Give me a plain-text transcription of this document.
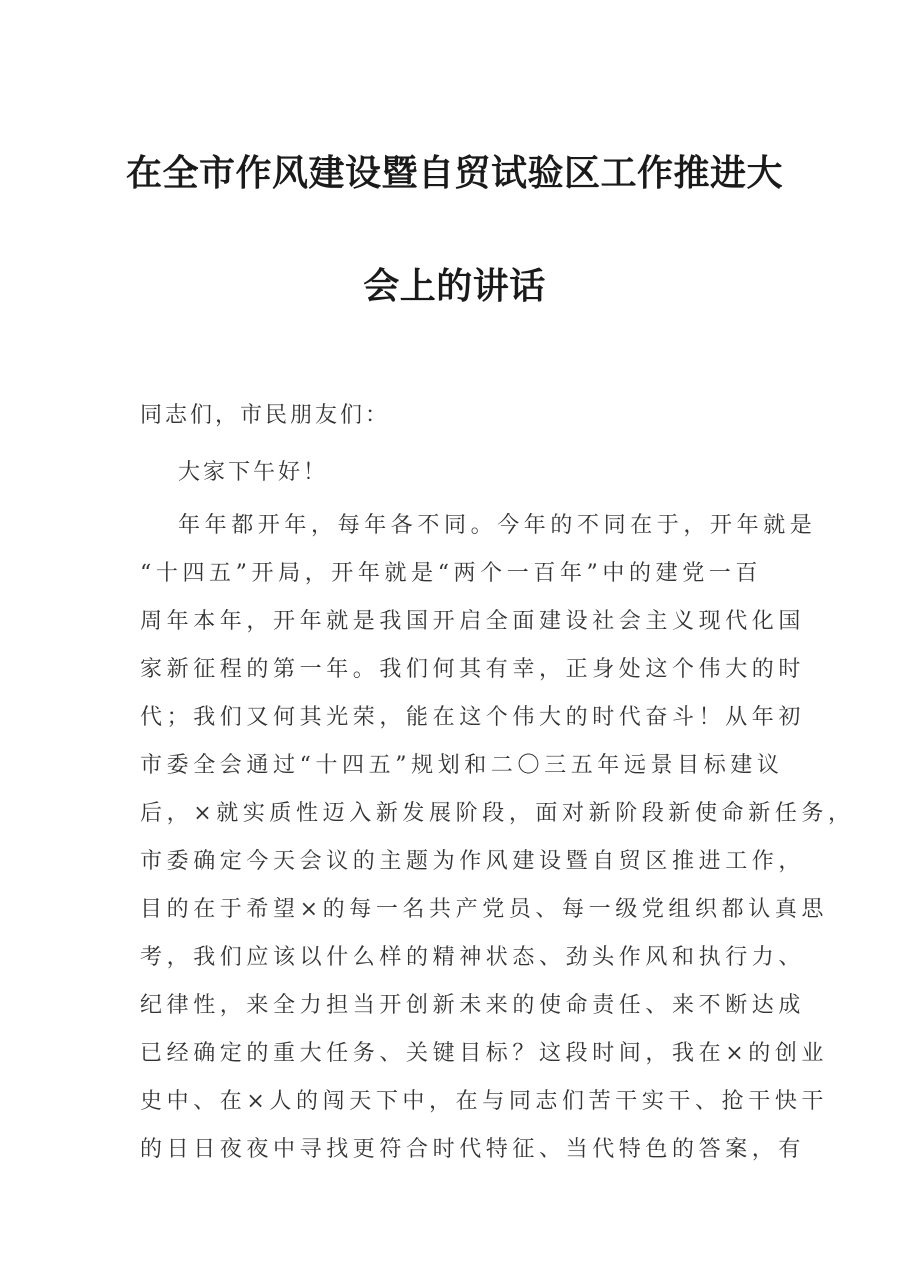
在全市作风建设暨自贸试验区工作推进大
会上的讲话
同志们，市民朋友们：
大家下午好！
年年都开年，每年各不同。今年的不同在于，开年就是
“十四五”开局，开年就是“两个一百年”中的建党一百
周年本年，开年就是我国开启全面建设社会主义现代化国
家新征程的第一年。我们何其有幸，正身处这个伟大的时
代；我们又何其光荣，能在这个伟大的时代奋斗！从年初
市委全会通过“十四五”规划和二〇三五年远景目标建议
后，×就实质性迈入新发展阶段，面对新阶段新使命新任务，
市委确定今天会议的主题为作风建设暨自贸区推进工作，
目的在于希望×的每一名共产党员、每一级党组织都认真思
考，我们应该以什么样的精神状态、劲头作风和执行力、
纪律性，来全力担当开创新未来的使命责任、来不断达成
已经确定的重大任务、关键目标？这段时间，我在×的创业
史中、在×人的闯天下中，在与同志们苦干实干、抢干快干
的日日夜夜中寻找更符合时代特征、当代特色的答案，有
